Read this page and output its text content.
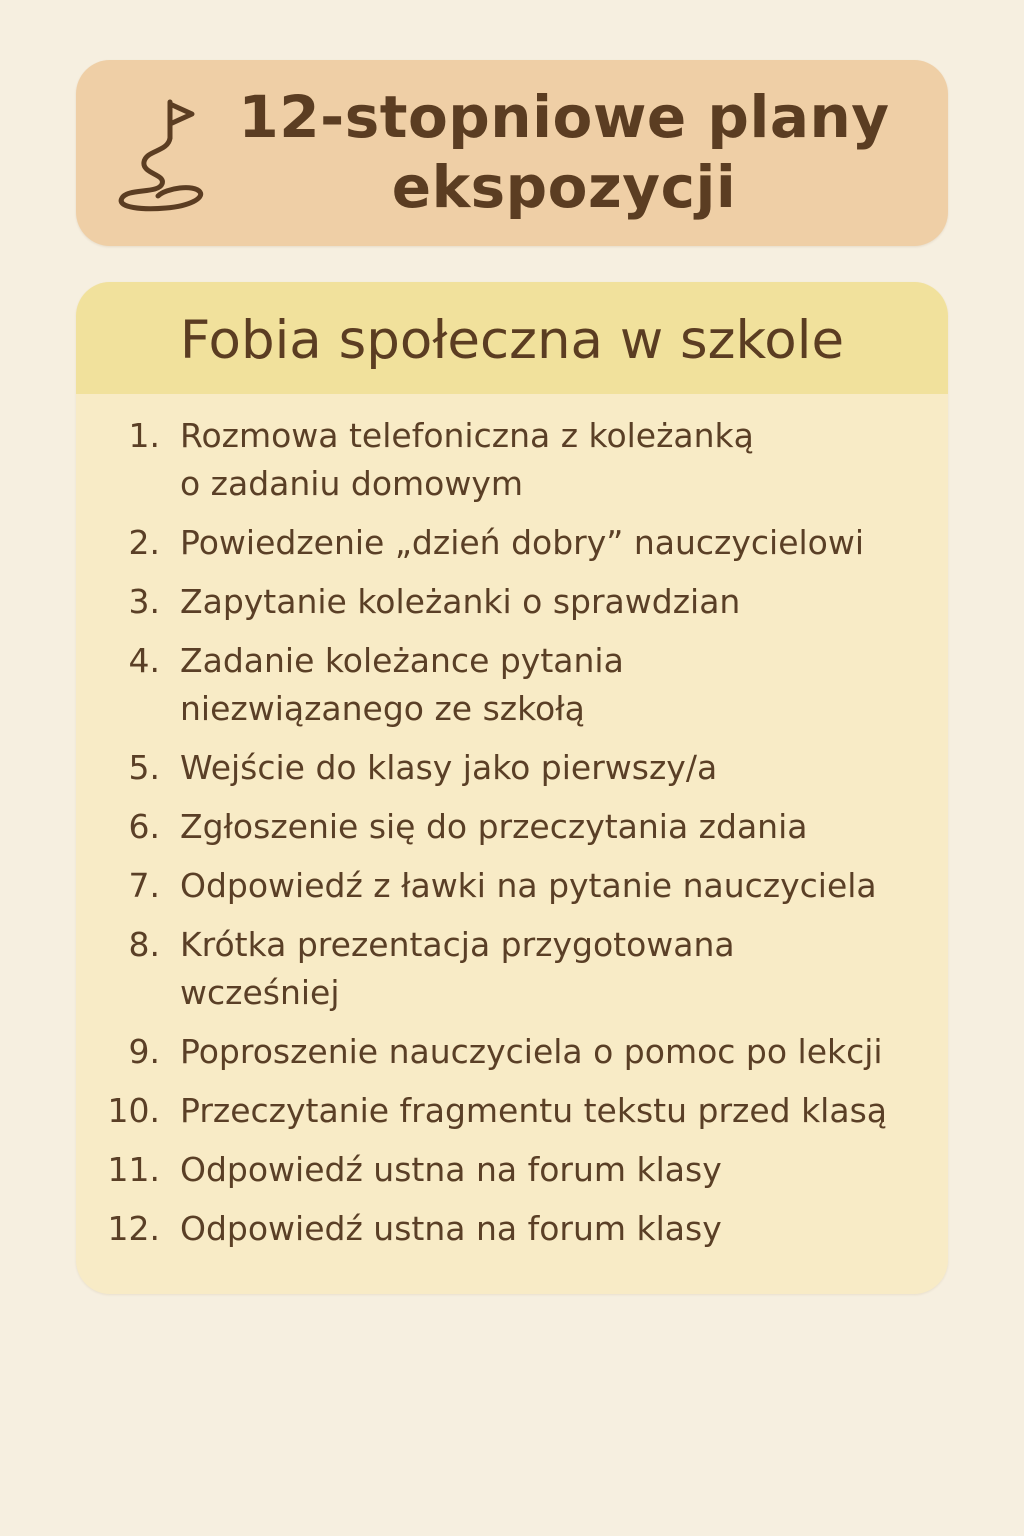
12-stopniowe plany
ekspozycji
Fobia społeczna w szkole
1. Rozmowa telefoniczna z koleżanką
o zadaniu domowym
2. Powiedzenie „dzień dobry” nauczycielowi
3. Zapytanie koleżanki o sprawdzian
4. Zadanie koleżance pytania
niezwiązanego ze szkołą
5. Wejście do klasy jako pierwszy/a
6. Zgłoszenie się do przeczytania zdania
7. Odpowiedź z ławki na pytanie nauczyciela
8. Krótka prezentacja przygotowana
wcześniej
9. Poproszenie nauczyciela o pomoc po lekcji
10. Przeczytanie fragmentu tekstu przed klasą
11. Odpowiedź ustna na forum klasy
12. Odpowiedź ustna na forum klasy
